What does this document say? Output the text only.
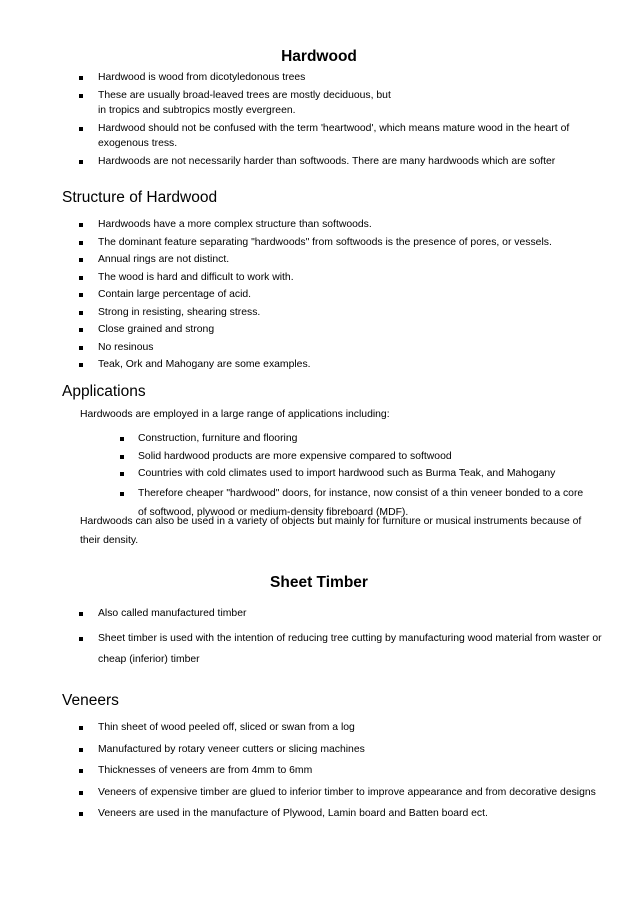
Hardwood
Hardwood is wood from dicotyledonous trees
These are usually broad-leaved trees are mostly deciduous, but
in tropics and subtropics mostly evergreen.
Hardwood should not be confused with the term 'heartwood', which means mature wood in the heart of
exogenous tress.
Hardwoods are not necessarily harder than softwoods. There are many hardwoods which are softer
Structure of Hardwood
Hardwoods have a more complex structure than softwoods.
The dominant feature separating "hardwoods" from softwoods is the presence of pores, or vessels.
Annual rings are not distinct.
The wood is hard and difficult to work with.
Contain large percentage of acid.
Strong in resisting, shearing stress.
Close grained and strong
No resinous
Teak, Ork and Mahogany are some examples.
Applications

Hardwoods are employed in a large range of applications including:

Construction, furniture and flooring
Solid hardwood products are more expensive compared to softwood
Countries with cold climates used to import hardwood such as Burma Teak, and Mahogany
Therefore cheaper "hardwood" doors, for instance, now consist of a thin veneer bonded to a core
of softwood, plywood or medium-density fibreboard (MDF).

Hardwoods can also be used in a variety of objects but mainly for furniture or musical instruments because of
their density.

Sheet Timber
Also called manufactured timber
Sheet timber is used with the intention of reducing tree cutting by manufacturing wood material from waster or
cheap (inferior) timber
Veneers
Thin sheet of wood peeled off, sliced or swan from a log
Manufactured by rotary veneer cutters or slicing machines
Thicknesses of veneers are from 4mm to 6mm
Veneers of expensive timber are glued to inferior timber to improve appearance and from decorative designs
Veneers are used in the manufacture of Plywood, Lamin board and Batten board ect.
